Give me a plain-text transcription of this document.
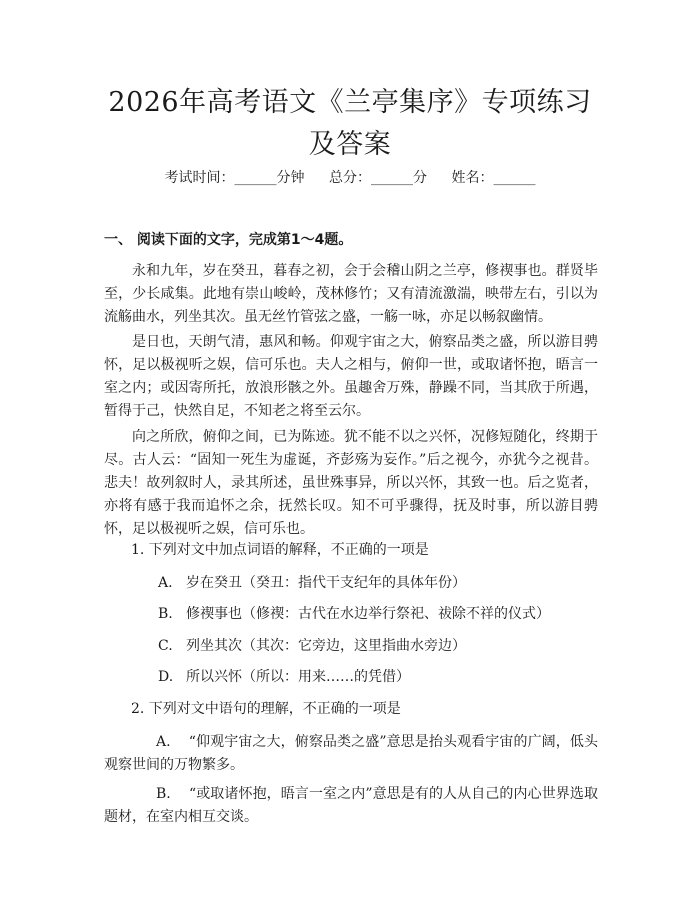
2026年高考语文《兰亭集序》专项练习及答案
考试时间：______分钟 总分：______分 姓名：______
一、 阅读下面的文字，完成第1～4题。

永和九年，岁在癸丑，暮春之初，会于会稽山阴之兰亭，修禊事也。群贤毕至，少长咸集。此地有崇山峻岭，茂林修竹；又有清流激湍，映带左右，引以为流觞曲水，列坐其次。虽无丝竹管弦之盛，一觞一咏，亦足以畅叙幽情。

是日也，天朗气清，惠风和畅。仰观宇宙之大，俯察品类之盛，所以游目骋怀，足以极视听之娱，信可乐也。夫人之相与，俯仰一世，或取诸怀抱，晤言一室之内；或因寄所托，放浪形骸之外。虽趣舍万殊，静躁不同，当其欣于所遇，暂得于己，快然自足，不知老之将至云尔。

向之所欣，俯仰之间，已为陈迹。犹不能不以之兴怀，况修短随化，终期于尽。古人云：“固知一死生为虚诞，齐彭殇为妄作。”后之视今，亦犹今之视昔。悲夫！故列叙时人，录其所述，虽世殊事异，所以兴怀，其致一也。后之览者，亦将有感于我而追怀之余，抚然长叹。知不可乎骤得，抚及时事，所以游目骋怀，足以极视听之娱，信可乐也。

1. 下列对文中加点词语的解释，不正确的一项是
A. 岁在癸丑（癸丑：指代干支纪年的具体年份）
B. 修禊事也（修禊：古代在水边举行祭祀、祓除不祥的仪式）
C. 列坐其次（其次：它旁边，这里指曲水旁边）
D. 所以兴怀（所以：用来……的凭借）
2. 下列对文中语句的理解，不正确的一项是

A. “仰观宇宙之大，俯察品类之盛”意思是抬头观看宇宙的广阔，低头观察世间的万物繁多。

B. “或取诸怀抱，晤言一室之内”意思是有的人从自己的内心世界选取题材，在室内相互交谈。
